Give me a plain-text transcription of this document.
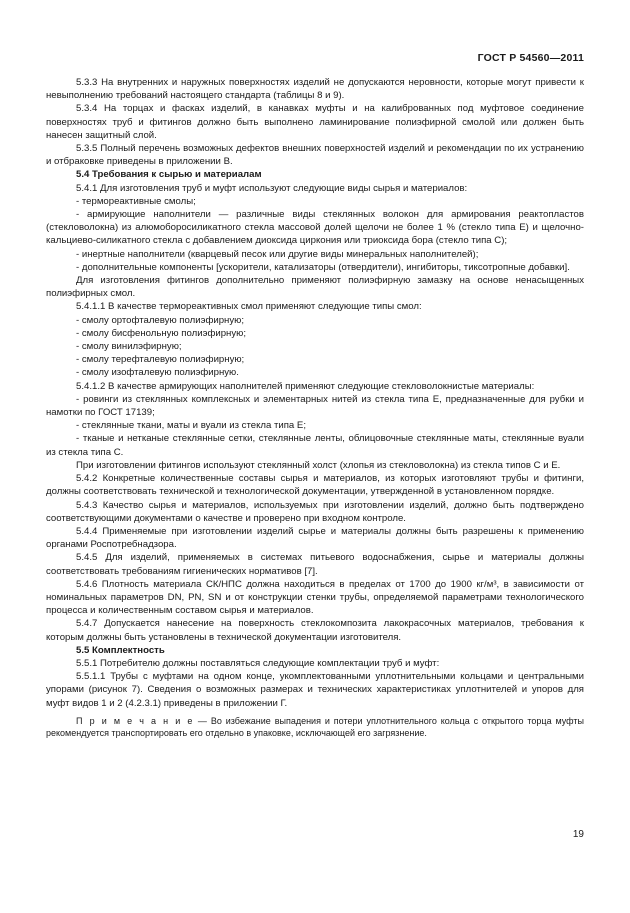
ГОСТ Р 54560—2011

5.3.3 На внутренних и наружных поверхностях изделий не допускаются неровности, которые могут привести к невыполнению требований настоящего стандарта (таблицы 8 и 9).

5.3.4 На торцах и фасках изделий, в канавках муфты и на калиброванных под муфтовое соединение поверхностях труб и фитингов должно быть выполнено ламинирование полиэфирной смолой или должен быть нанесен защитный слой.

5.3.5 Полный перечень возможных дефектов внешних поверхностей изделий и рекомендации по их устранению и отбраковке приведены в приложении В.

5.4 Требования к сырью и материалам

5.4.1 Для изготовления труб и муфт используют следующие виды сырья и материалов:

- термореактивные смолы;

- армирующие наполнители — различные виды стеклянных волокон для армирования реактопластов (стекловолокна) из алюмоборосиликатного стекла массовой долей щелочи не более 1 % (стекло типа Е) и щелочно-кальциево-силикатного стекла с добавлением диоксида циркония или триоксида бора (стекло типа С);

- инертные наполнители (кварцевый песок или другие виды минеральных наполнителей);

- дополнительные компоненты [ускорители, катализаторы (отвердители), ингибиторы, тиксотропные добавки].

Для изготовления фитингов дополнительно применяют полиэфирную замазку на основе ненасыщенных полиэфирных смол.

5.4.1.1 В качестве термореактивных смол применяют следующие типы смол:

- смолу ортофталевую полиэфирную;

- смолу бисфенольную полиэфирную;

- смолу винилэфирную;

- смолу терефталевую полиэфирную;

- смолу изофталевую полиэфирную.

5.4.1.2 В качестве армирующих наполнителей применяют следующие стекловолокнистые материалы:

- ровинги из стеклянных комплексных и элементарных нитей из стекла типа Е, предназначенные для рубки и намотки по ГОСТ 17139;

- стеклянные ткани, маты и вуали из стекла типа Е;

- тканые и нетканые стеклянные сетки, стеклянные ленты, облицовочные стеклянные маты, стеклянные вуали из стекла типа С.

При изготовлении фитингов используют стеклянный холст (хлопья из стекловолокна) из стекла типов С и Е.

5.4.2 Конкретные количественные составы сырья и материалов, из которых изготовляют трубы и фитинги, должны соответствовать технической и технологической документации, утвержденной в установленном порядке.

5.4.3 Качество сырья и материалов, используемых при изготовлении изделий, должно быть подтверждено соответствующими документами о качестве и проверено при входном контроле.

5.4.4 Применяемые при изготовлении изделий сырье и материалы должны быть разрешены к применению органами Роспотребнадзора.

5.4.5 Для изделий, применяемых в системах питьевого водоснабжения, сырье и материалы должны соответствовать требованиям гигиенических нормативов [7].

5.4.6 Плотность материала СК/НПС должна находиться в пределах от 1700 до 1900 кг/м³, в зависимости от номинальных параметров DN, PN, SN и от конструкции стенки трубы, определяемой параметрами технологического процесса и количественным составом сырья и материалов.

5.4.7 Допускается нанесение на поверхность стеклокомпозита лакокрасочных материалов, требования к которым должны быть установлены в технической документации изготовителя.

5.5 Комплектность

5.5.1 Потребителю должны поставляться следующие комплектации труб и муфт:

5.5.1.1 Трубы с муфтами на одном конце, укомплектованными уплотнительными кольцами и центральными упорами (рисунок 7). Сведения о возможных размерах и технических характеристиках уплотнителей и упоров для муфт видов 1 и 2 (4.2.3.1) приведены в приложении Г.

П р и м е ч а н и е — Во избежание выпадения и потери уплотнительного кольца с открытого торца муфты рекомендуется транспортировать его отдельно в упаковке, исключающей его загрязнение.

19
